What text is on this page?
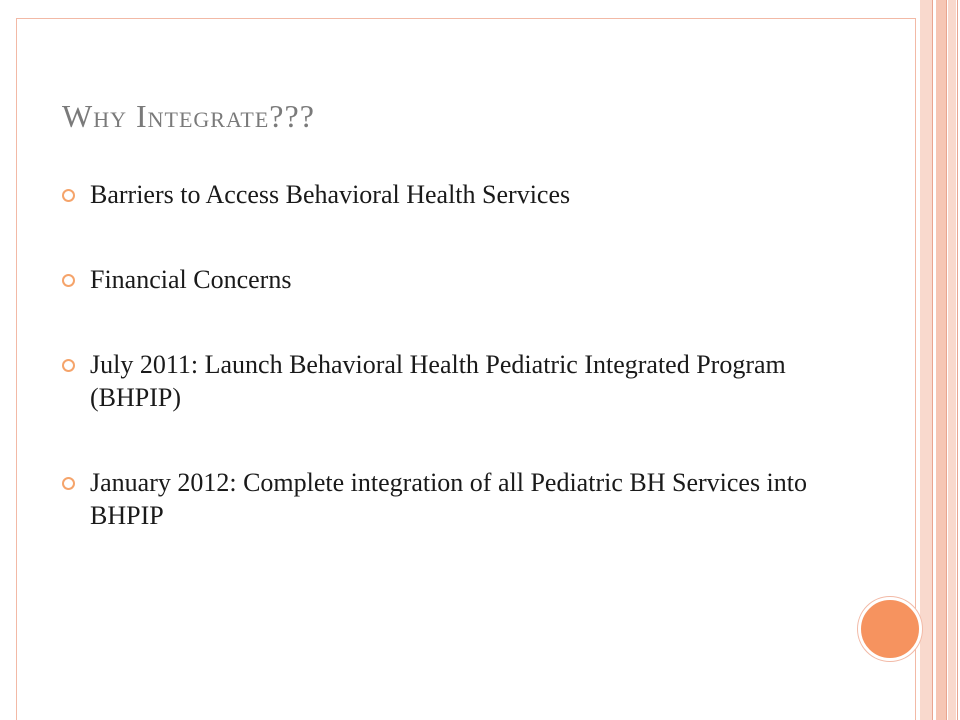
Why Integrate???
Barriers to Access Behavioral Health Services
Financial Concerns
July 2011: Launch Behavioral Health Pediatric Integrated Program (BHPIP)
January 2012: Complete integration of all Pediatric BH Services into BHPIP
